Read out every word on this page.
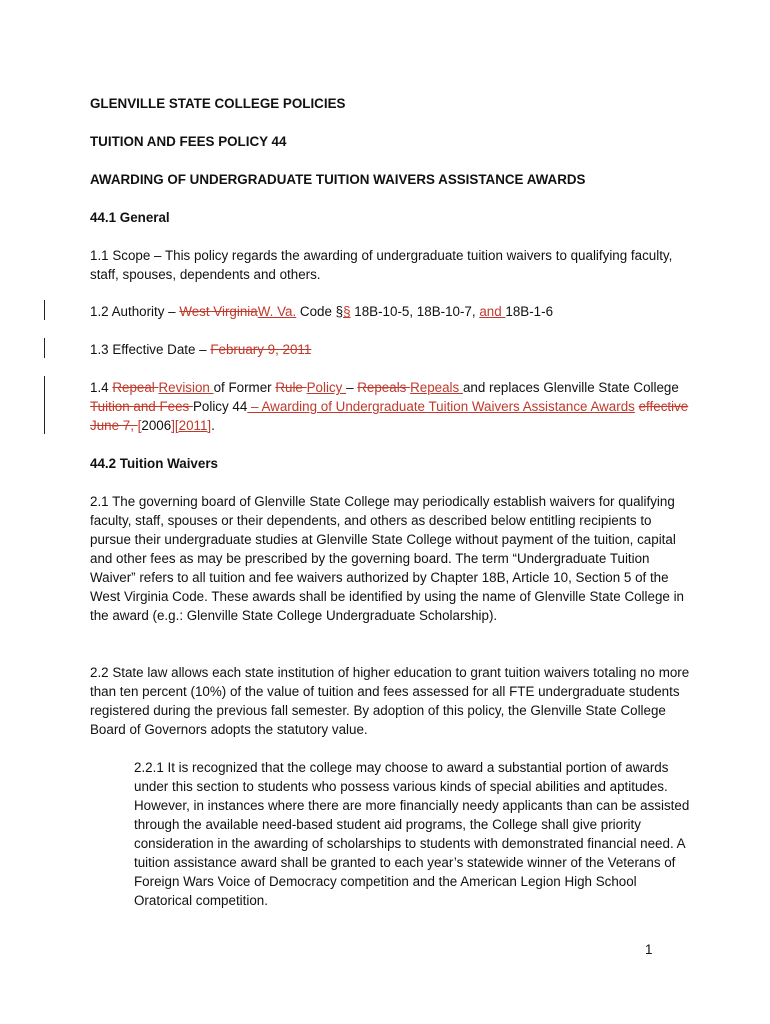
GLENVILLE STATE COLLEGE POLICIES
TUITION AND FEES POLICY 44
AWARDING OF UNDERGRADUATE TUITION WAIVERS ASSISTANCE AWARDS
44.1 General
1.1 Scope – This policy regards the awarding of undergraduate tuition waivers to qualifying faculty, staff, spouses, dependents and others.
1.2 Authority – West VirginiaW. Va. Code §§ 18B-10-5, 18B-10-7, and 18B-1-6
1.3 Effective Date – February 9, 2011
1.4 Repeal Revision of Former Rule Policy – Repeals Repeals and replaces Glenville State College Tuition and Fees Policy 44 – Awarding of Undergraduate Tuition Waivers Assistance Awards effective June 7, [2006][2011].
44.2 Tuition Waivers
2.1 The governing board of Glenville State College may periodically establish waivers for qualifying faculty, staff, spouses or their dependents, and others as described below entitling recipients to pursue their undergraduate studies at Glenville State College without payment of the tuition, capital and other fees as may be prescribed by the governing board. The term “Undergraduate Tuition Waiver” refers to all tuition and fee waivers authorized by Chapter 18B, Article 10, Section 5 of the West Virginia Code. These awards shall be identified by using the name of Glenville State College in the award (e.g.: Glenville State College Undergraduate Scholarship).
2.2 State law allows each state institution of higher education to grant tuition waivers totaling no more than ten percent (10%) of the value of tuition and fees assessed for all FTE undergraduate students registered during the previous fall semester. By adoption of this policy, the Glenville State College Board of Governors adopts the statutory value.
2.2.1 It is recognized that the college may choose to award a substantial portion of awards under this section to students who possess various kinds of special abilities and aptitudes. However, in instances where there are more financially needy applicants than can be assisted through the available need-based student aid programs, the College shall give priority consideration in the awarding of scholarships to students with demonstrated financial need. A tuition assistance award shall be granted to each year’s statewide winner of the Veterans of Foreign Wars Voice of Democracy competition and the American Legion High School Oratorical competition.
1
